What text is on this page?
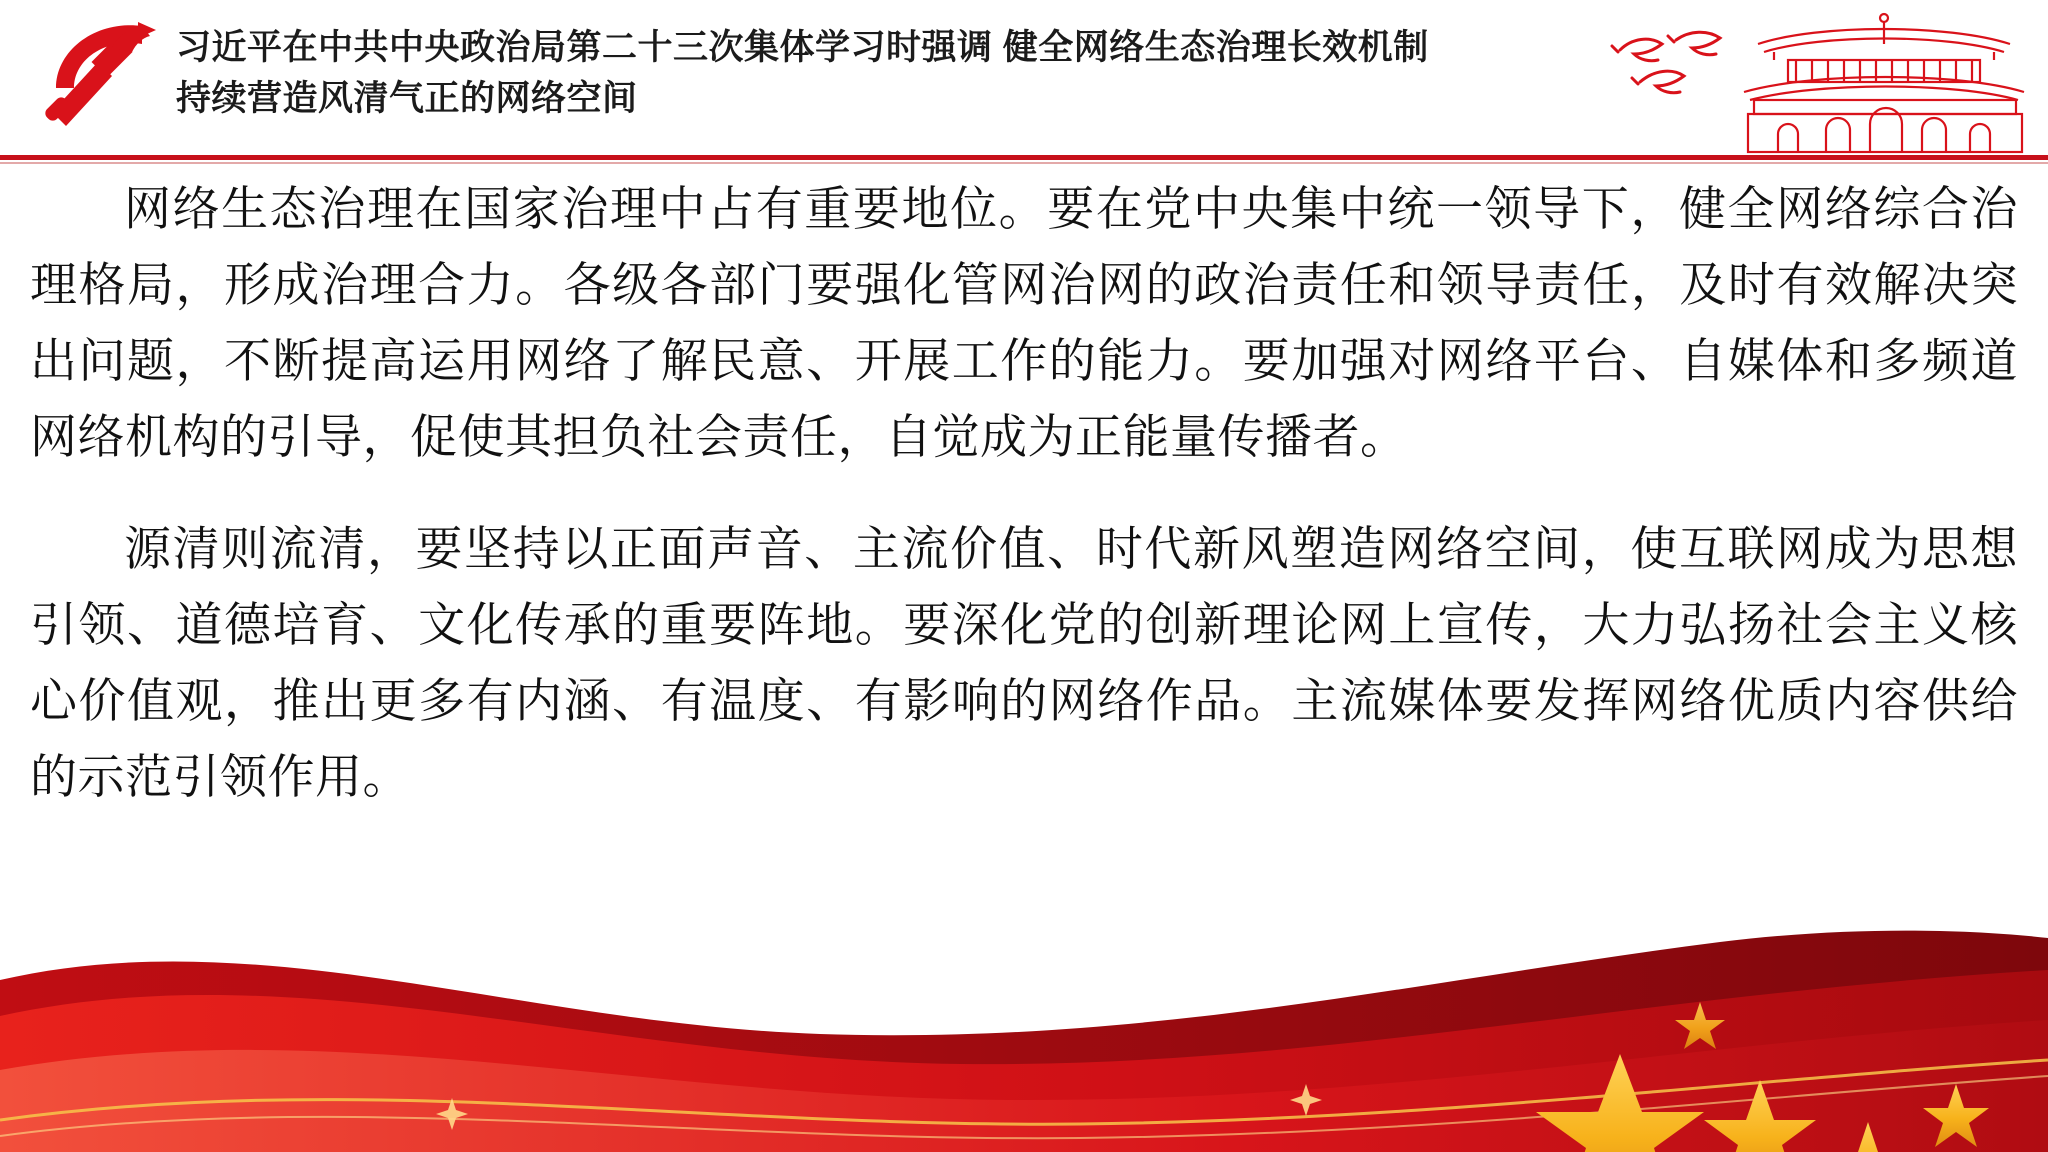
习近平在中共中央政治局第二十三次集体学习时强调 健全网络生态治理长效机制
持续营造风清气正的网络空间

网络生态治理在国家治理中占有重要地位。要在党中央集中统一领导下，健全网络综合治理格局，形成治理合力。各级各部门要强化管网治网的政治责任和领导责任，及时有效解决突出问题，不断提高运用网络了解民意、开展工作的能力。要加强对网络平台、自媒体和多频道网络机构的引导，促使其担负社会责任，自觉成为正能量传播者。

源清则流清，要坚持以正面声音、主流价值、时代新风塑造网络空间，使互联网成为思想引领、道德培育、文化传承的重要阵地。要深化党的创新理论网上宣传，大力弘扬社会主义核心价值观，推出更多有内涵、有温度、有影响的网络作品。主流媒体要发挥网络优质内容供给的示范引领作用。
